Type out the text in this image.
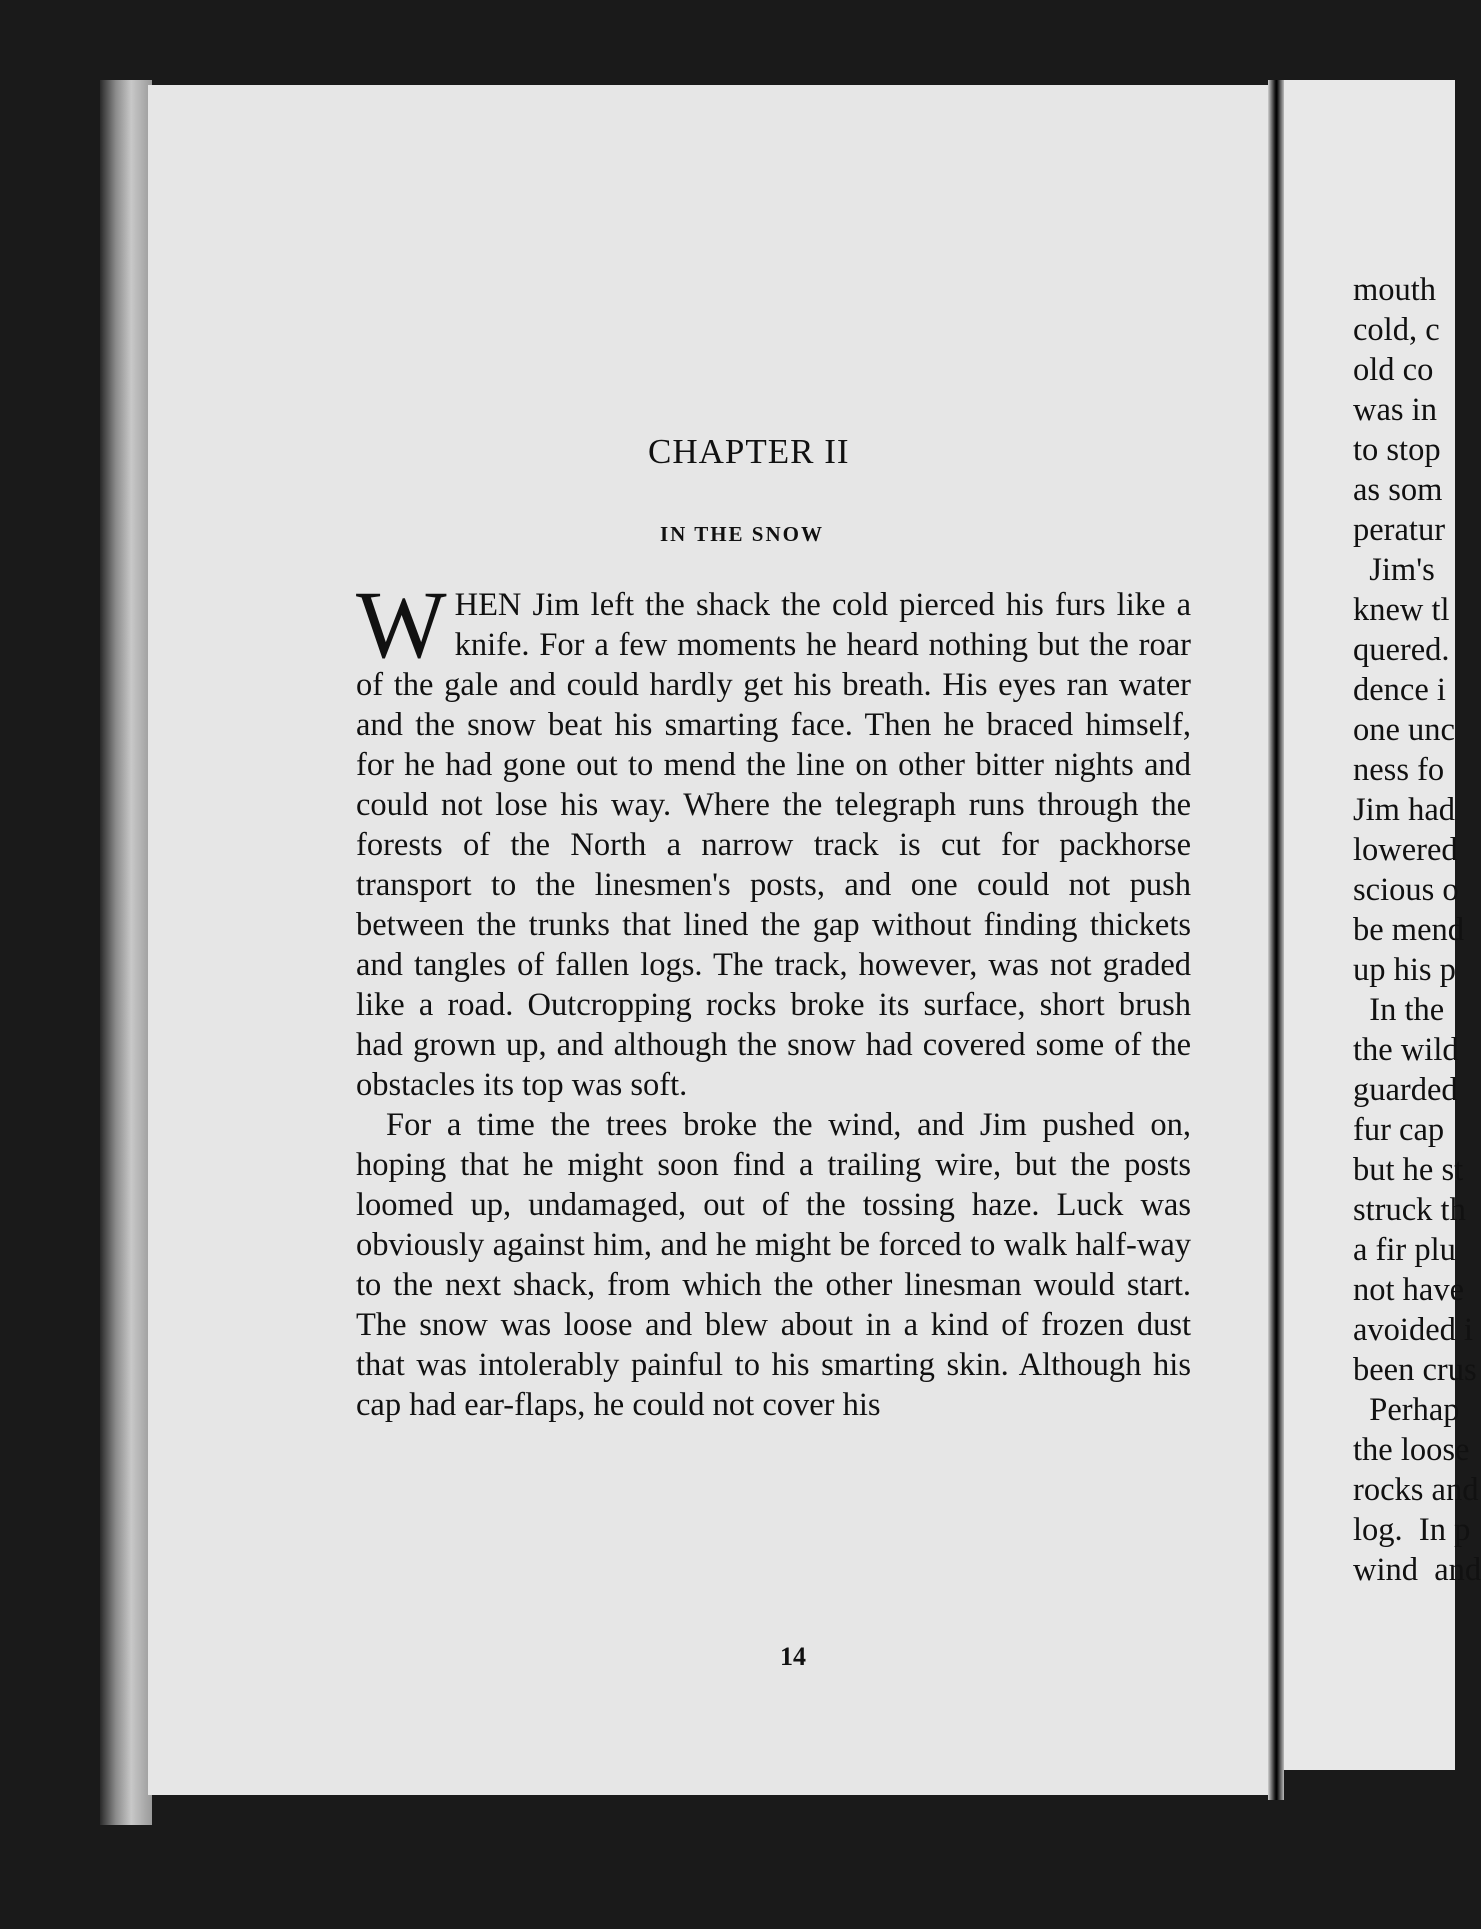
CHAPTER II
IN THE SNOW

WHEN Jim left the shack the cold pierced his furs like a knife. For a few moments he heard nothing but the roar of the gale and could hardly get his breath. His eyes ran water and the snow beat his smarting face. Then he braced himself, for he had gone out to mend the line on other bitter nights and could not lose his way. Where the telegraph runs through the forests of the North a narrow track is cut for packhorse transport to the linesmen's posts, and one could not push between the trunks that lined the gap without finding thickets and tangles of fallen logs. The track, however, was not graded like a road. Outcropping rocks broke its surface, short brush had grown up, and although the snow had covered some of the obstacles its top was soft.

For a time the trees broke the wind, and Jim pushed on, hoping that he might soon find a trailing wire, but the posts loomed up, undamaged, out of the tossing haze. Luck was obviously against him, and he might be forced to walk half-way to the next shack, from which the other linesman would start. The snow was loose and blew about in a kind of frozen dust that was intolerably painful to his smarting skin. Although his cap had ear-flaps, he could not cover his

14
mouth
cold, c
old co
was in
to stop
as som
peratur
Jim's
knew tl
quered.
dence i
one unc
ness fo
Jim had
lowered
scious o
be mend
up his p
In the
the wild
guarded
fur cap
but he st
struck th
a fir plu
not have
avoided i
been crus
Perhap
the loose
rocks and
log.  In p
wind  and
